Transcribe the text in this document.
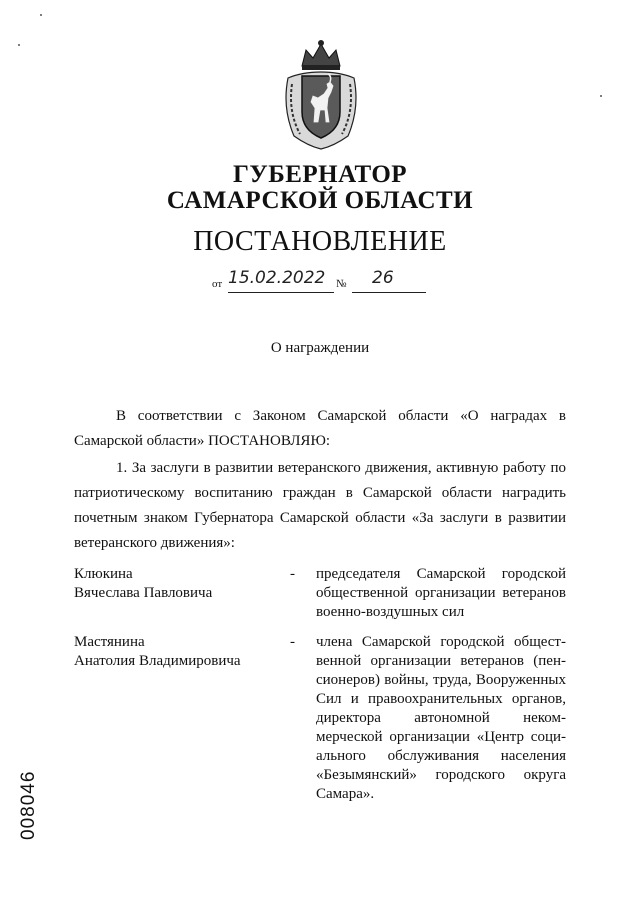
ГУБЕРНАТОР
САМАРСКОЙ ОБЛАСТИ
ПОСТАНОВЛЕНИЕ
от 15.02.2022 №	26
О награждении

В соответствии с Законом Самарской области «О наградах в Самарской области» ПОСТАНОВЛЯЮ:

1. За заслуги в развитии ветеранского движения, активную работу по патриотическому воспитанию граждан в Самарской области наградить почетным знаком Губернатора Самарской области «За заслуги в развитии ветеранского движения»:

Клюкина
Вячеслава Павловича
- председателя Самарской городской общественной организации ветеранов военно-воздушных сил

Мастянина
Анатолия Владимировича
- члена Самарской городской общественной организации ветеранов (пенсионеров) войны, труда, Вооруженных Сил и правоохранительных органов, директора автономной некоммерческой организации «Центр социального обслуживания населения «Безымянский» городского округа Самара».

008046
